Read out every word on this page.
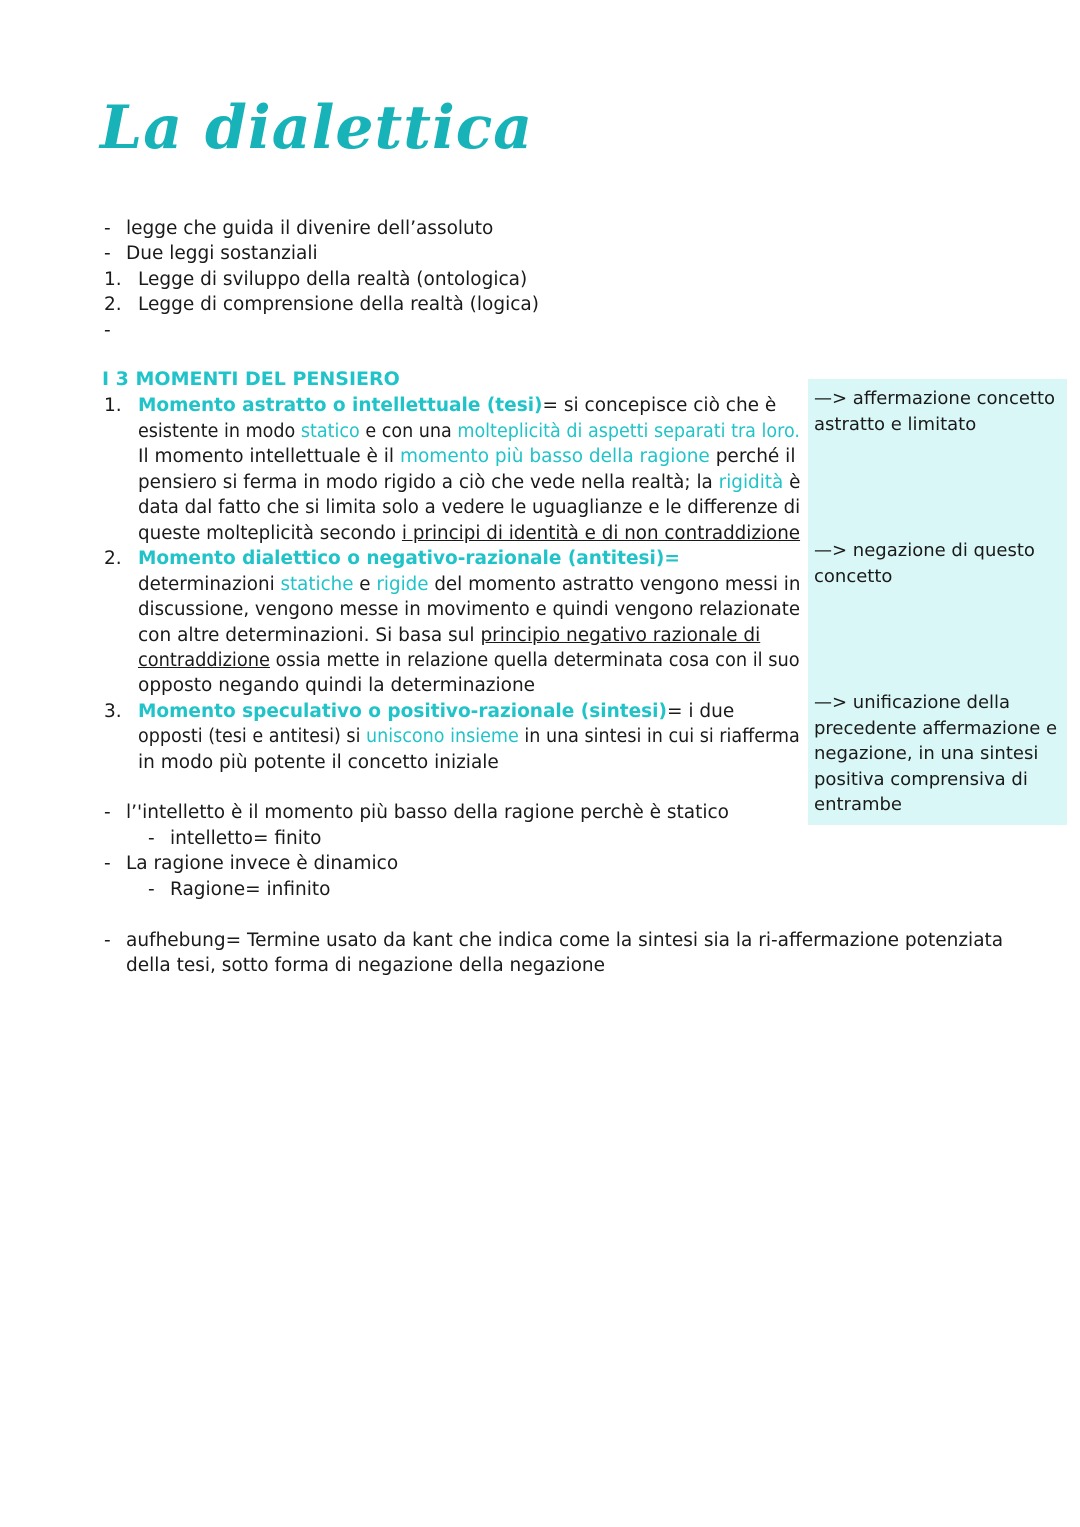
La dialettica
- legge che guida il divenire dell’assoluto
- Due leggi sostanziali
1. Legge di sviluppo della realtà (ontologica)
2. Legge di comprensione della realtà (logica)
-
—> affermazione concetto
astratto e limitato
—> negazione di questo
concetto
—> unificazione della
precedente affermazione e
negazione, in una sintesi
positiva comprensiva di
entrambe
I 3 MOMENTI DEL PENSIERO
1. Momento astratto o intellettuale (tesi)= si concepisce ciò che è
esistente in modo statico e con una molteplicità di aspetti separati tra loro.
Il momento intellettuale è il momento più basso della ragione perché il
pensiero si ferma in modo rigido a ciò che vede nella realtà; la rigidità è
data dal fatto che si limita solo a vedere le uguaglianze e le differenze di
queste molteplicità secondo i principi di identità e di non contraddizione
2. Momento dialettico o negativo-razionale (antitesi)=
determinazioni statiche e rigide del momento astratto vengono messi in
discussione, vengono messe in movimento e quindi vengono relazionate
con altre determinazioni. Si basa sul principio negativo razionale di
contraddizione ossia mette in relazione quella determinata cosa con il suo
opposto negando quindi la determinazione
3. Momento speculativo o positivo-razionale (sintesi)= i due
opposti (tesi e antitesi) si uniscono insieme in una sintesi in cui si riafferma
in modo più potente il concetto iniziale
- l’'intelletto è il momento più basso della ragione perchè è statico
- intelletto= finito
- La ragione invece è dinamico
- Ragione= infinito
- aufhebung= Termine usato da kant che indica come la sintesi sia la ri-affermazione potenziata
della tesi, sotto forma di negazione della negazione
